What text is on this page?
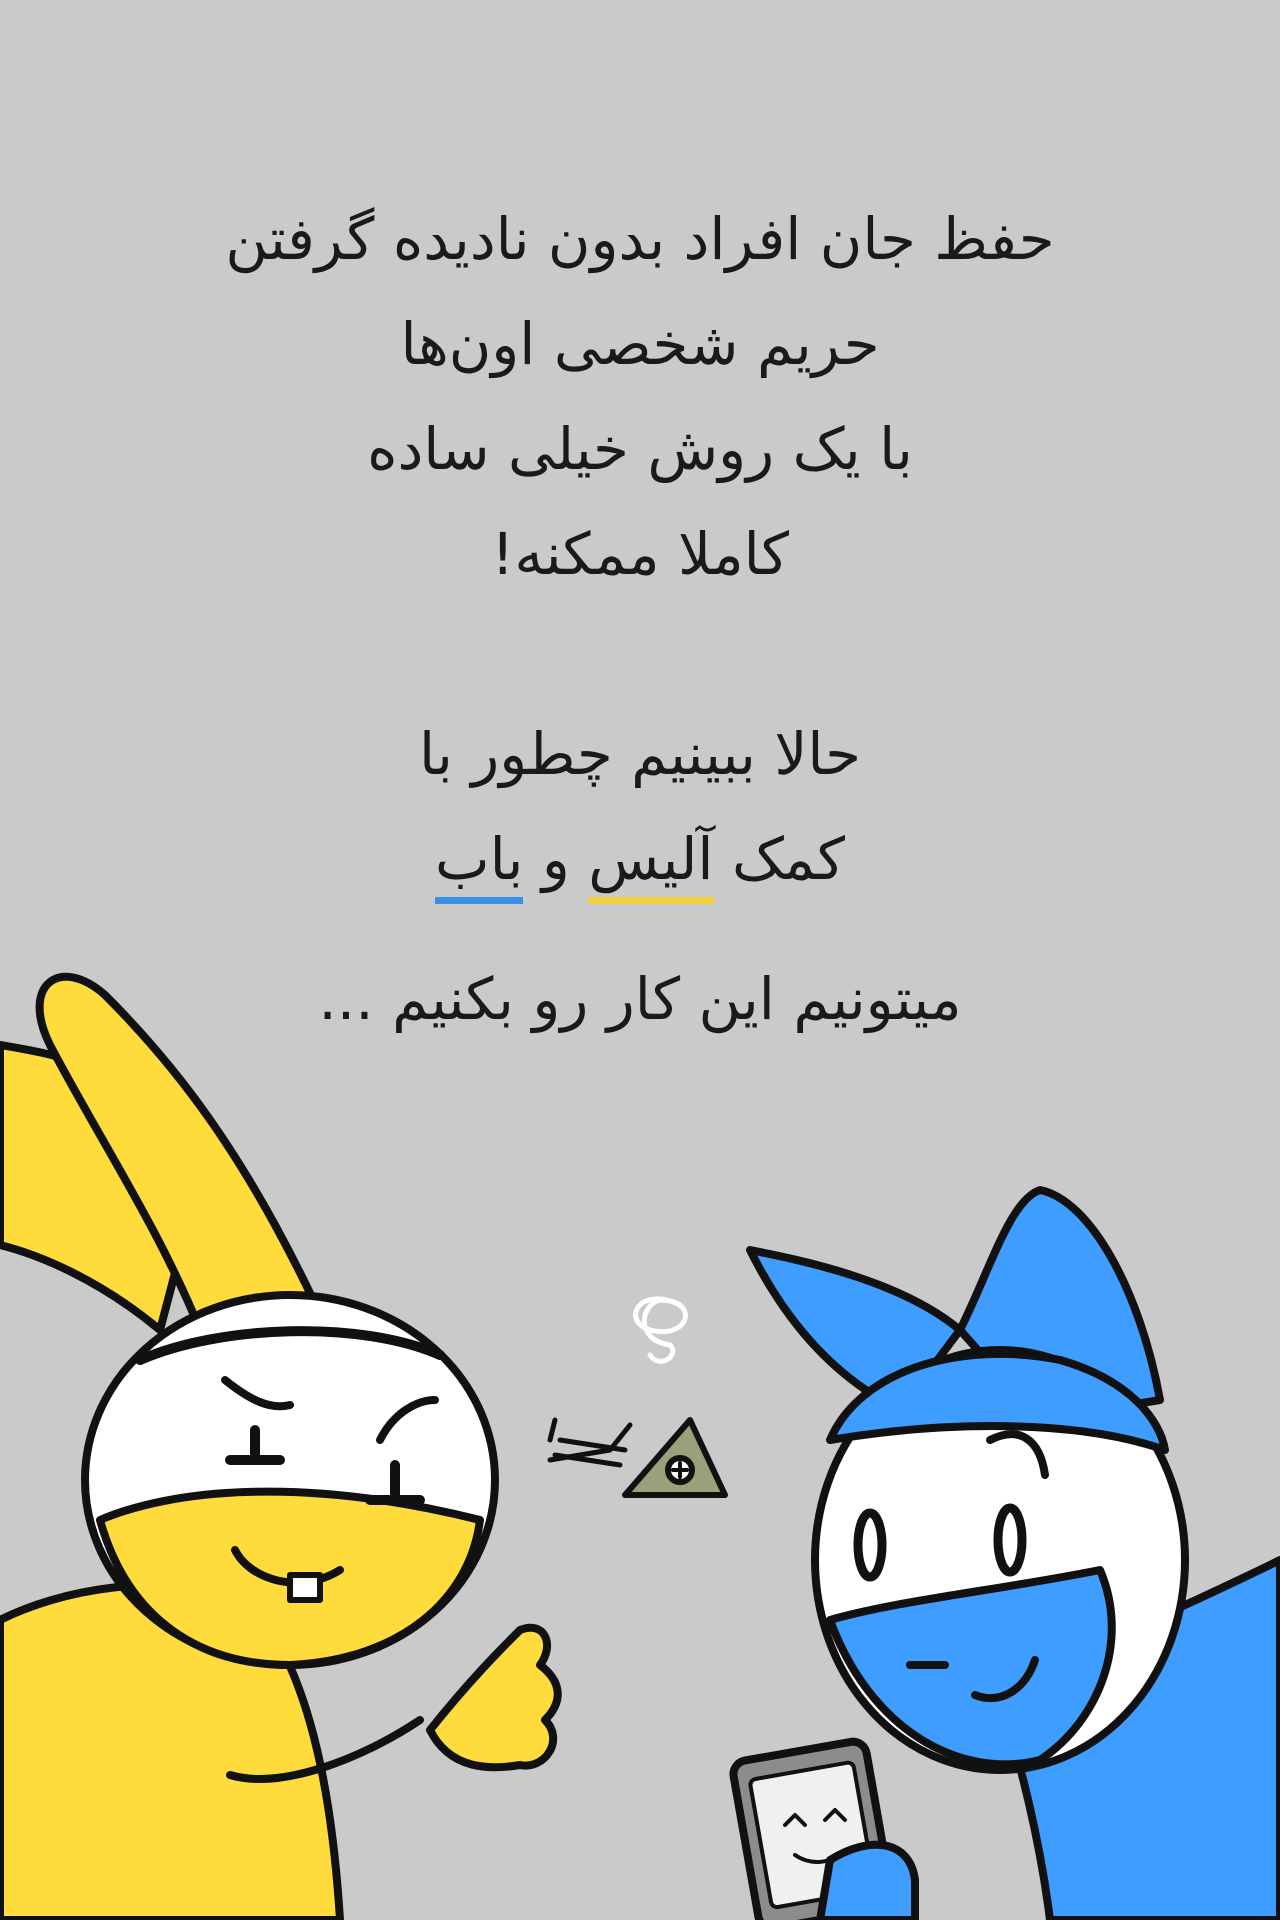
حفظ جان افراد بدون نادیده گرفتن
حریم شخصی اون‌ها
با یک روش خیلی ساده
کاملا ممکنه!
حالا ببینیم چطور با
کمک آلیس و باب
میتونیم این کار رو بکنیم ...
